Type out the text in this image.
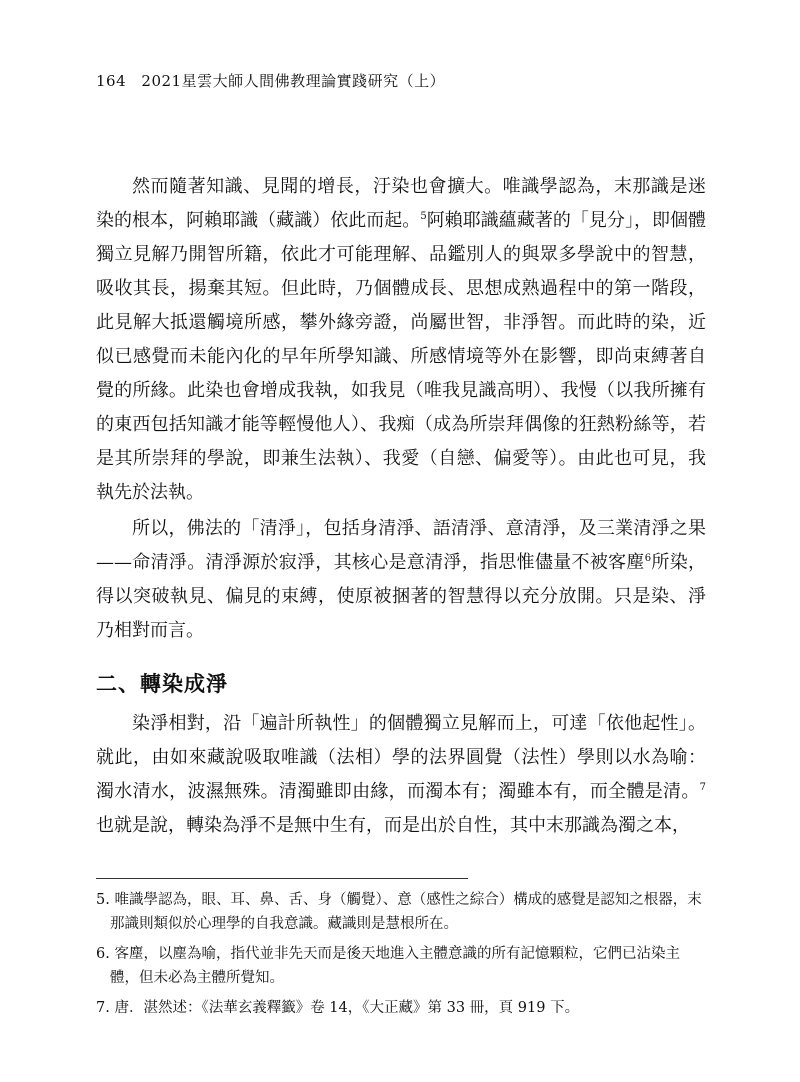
164 2021星雲大師人間佛教理論實踐研究（上）

然而隨著知識、見聞的增長，汙染也會擴大。唯識學認為，末那識是迷染的根本，阿賴耶識（藏識）依此而起。$^5$阿賴耶識蘊藏著的「見分」，即個體獨立見解乃開智所籍，依此才可能理解、品鑑別人的與眾多學說中的智慧，吸收其長，揚棄其短。但此時，乃個體成長、思想成熟過程中的第一階段，此見解大抵還觸境所感，攀外緣旁證，尚屬世智，非淨智。而此時的染，近似已感覺而未能內化的早年所學知識、所感情境等外在影響，即尚束縛著自覺的所緣。此染也會增成我執，如我見（唯我見識高明）、我慢（以我所擁有的東西包括知識才能等輕慢他人）、我痴（成為所崇拜偶像的狂熱粉絲等，若是其所崇拜的學說，即兼生法執）、我愛（自戀、偏愛等）。由此也可見，我執先於法執。

所以，佛法的「清淨」，包括身清淨、語清淨、意清淨，及三業清淨之果——命清淨。清淨源於寂淨，其核心是意清淨，指思惟儘量不被客塵$^6$所染，得以突破執見、偏見的束縛，使原被捆著的智慧得以充分放開。只是染、淨乃相對而言。

二、轉染成淨

染淨相對，沿「遍計所執性」的個體獨立見解而上，可達「依他起性」。就此，由如來藏說吸取唯識（法相）學的法界圓覺（法性）學則以水為喻：濁水清水，波濕無殊。清濁雖即由緣，而濁本有；濁雖本有，而全體是清。$^7$也就是說，轉染為淨不是無中生有，而是出於自性，其中末那識為濁之本，

5. 唯識學認為，眼、耳、鼻、舌、身（觸覺）、意（感性之綜合）構成的感覺是認知之根器，末那識則類似於心理學的自我意識。藏識則是慧根所在。

6. 客塵，以塵為喻，指代並非先天而是後天地進入主體意識的所有記憶顆粒，它們已沾染主體，但未必為主體所覺知。

7. 唐．湛然述：《法華玄義釋籤》卷 14，《大正藏》第 33 冊，頁 919 下。
